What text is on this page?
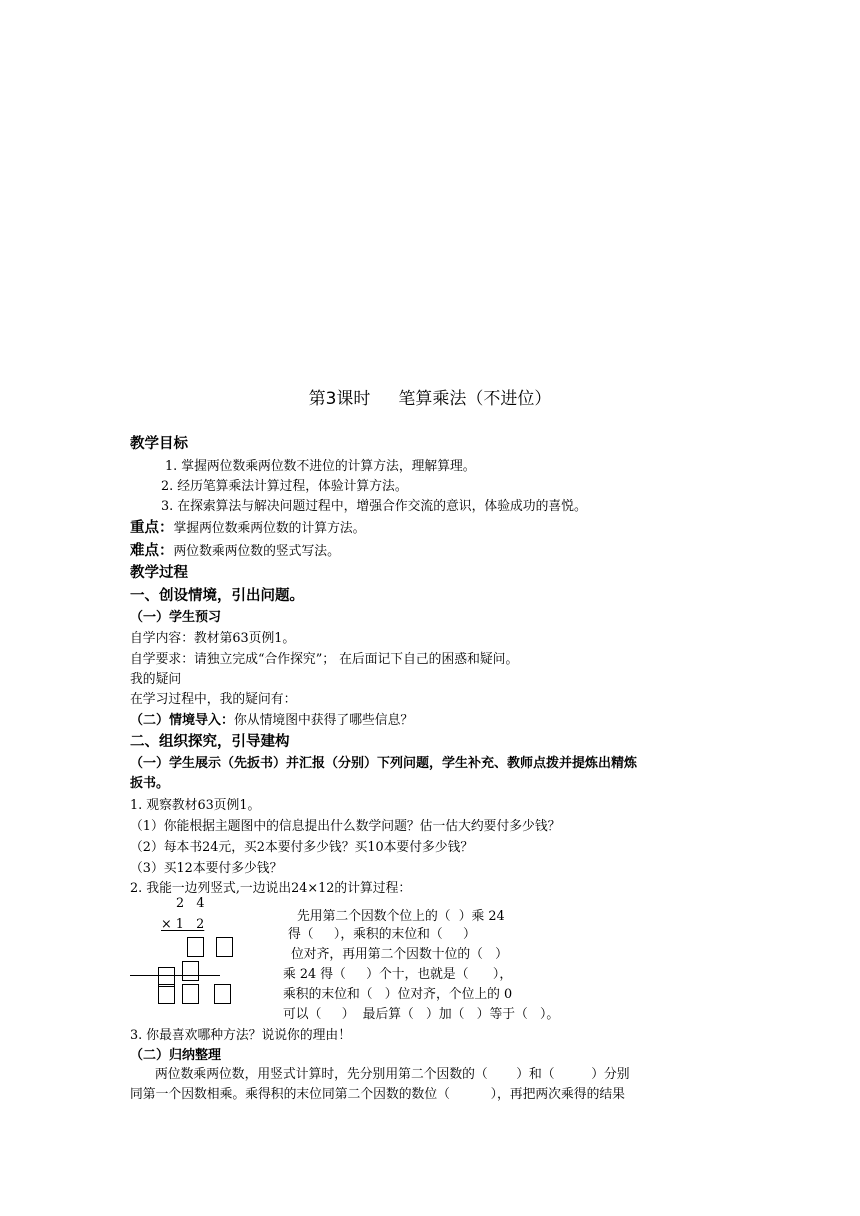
第3课时 笔算乘法（不进位）
教学目标
1. 掌握两位数乘两位数不进位的计算方法，理解算理。
2. 经历笔算乘法计算过程，体验计算方法。
3. 在探索算法与解决问题过程中，增强合作交流的意识，体验成功的喜悦。
重点：掌握两位数乘两位数的计算方法。
难点：两位数乘两位数的竖式写法。
教学过程
一、创设情境，引出问题。
（一）学生预习
自学内容：教材第63页例1。
自学要求：请独立完成“合作探究”； 在后面记下自己的困惑和疑问。
我的疑问
在学习过程中，我的疑问有：
（二）情境导入：你从情境图中获得了哪些信息？
二、组织探究，引导建构
（一）学生展示（先扳书）并汇报（分别）下列问题，学生补充、教师点拨并提炼出精炼
扳书。
1. 观察教材63页例1。
（1）你能根据主题图中的信息提出什么数学问题？估一估大约要付多少钱？
（2）每本书24元，买2本要付多少钱？买10本要付多少钱？
（3）买12本要付多少钱？
2. 我能一边列竖式,一边说出24×12的计算过程：
2   4
× 1   2
先用第二个因数个位上的（  ）乘 24
得（     ），乘积的末位和（     ）
位对齐，再用第二个因数十位的（   ）
乘 24 得（     ）个十，也就是（      ），
乘积的末位和（   ）位对齐，个位上的 0
可以（     ）  最后算（   ）加（   ）等于（   ）。
3. 你最喜欢哪种方法？说说你的理由！
（二）归纳整理
两位数乘两位数，用竖式计算时，先分别用第二个因数的（       ）和（         ）分别
同第一个因数相乘。乘得积的末位同第二个因数的数位（          ），再把两次乘得的结果
